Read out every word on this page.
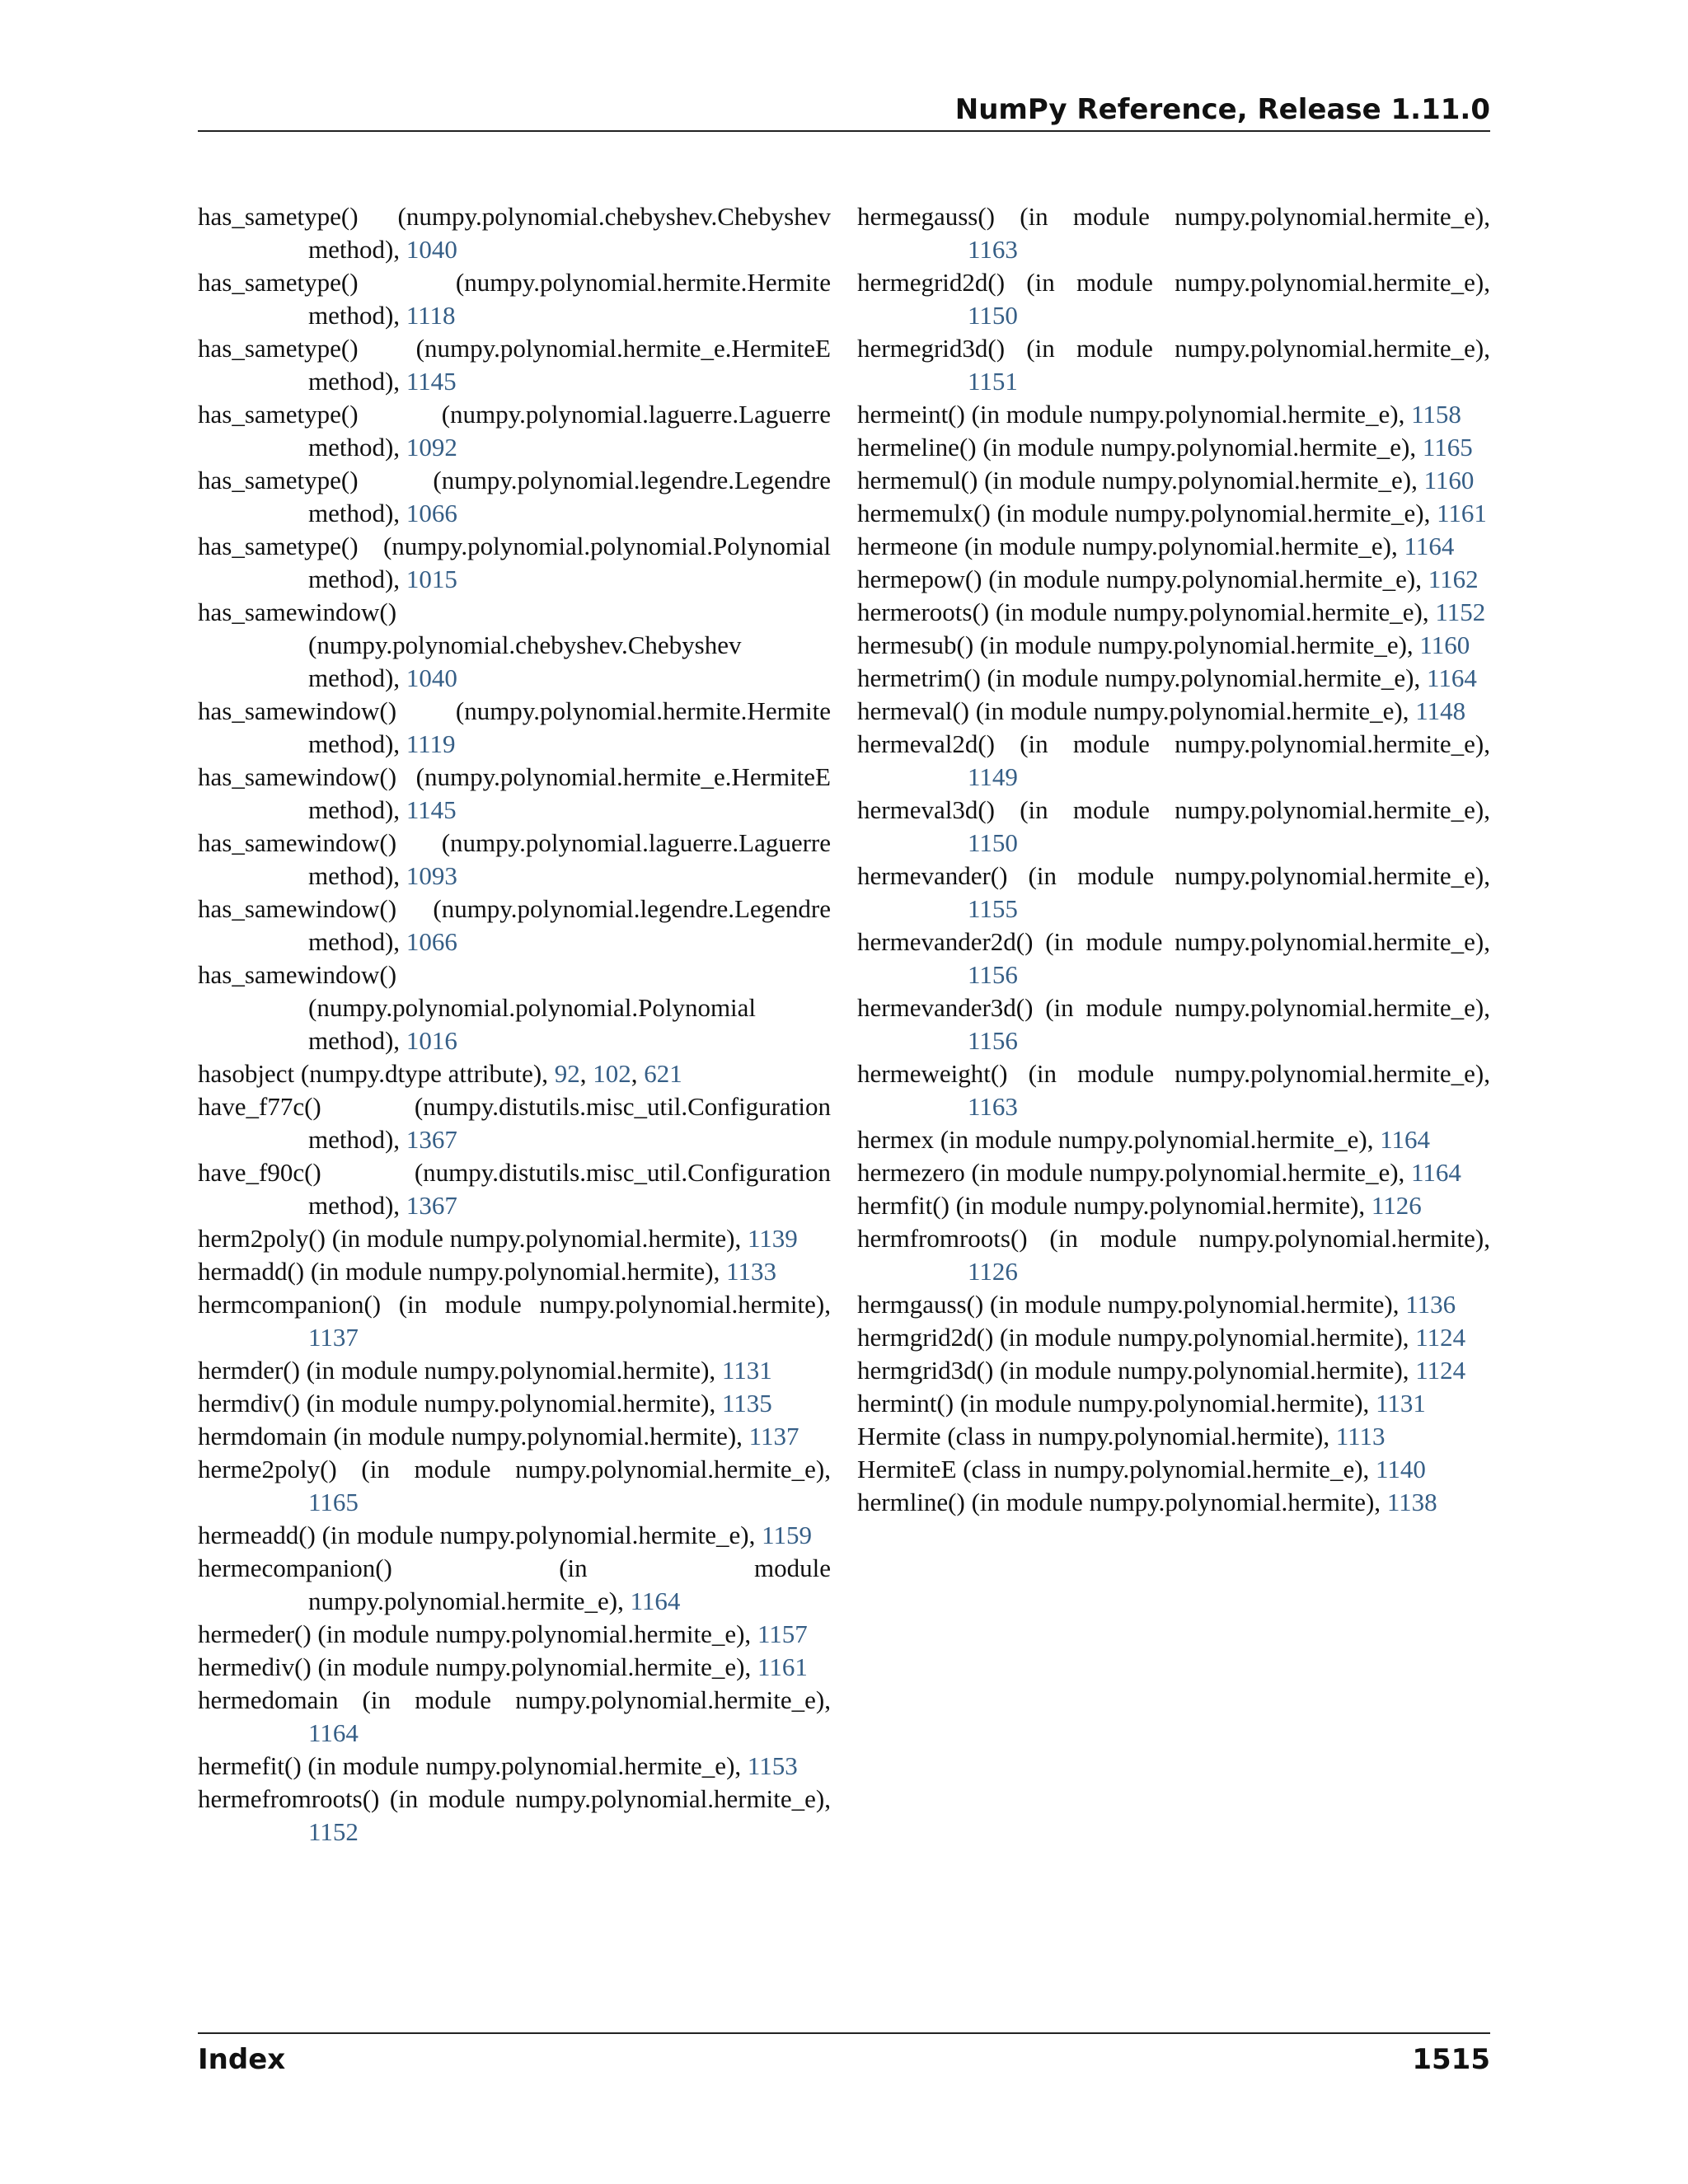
NumPy Reference, Release 1.11.0
has_sametype() (numpy.polynomial.chebyshev.Chebyshev method), 1040
has_sametype() (numpy.polynomial.hermite.Hermite method), 1118
has_sametype() (numpy.polynomial.hermite_e.HermiteE method), 1145
has_sametype() (numpy.polynomial.laguerre.Laguerre method), 1092
has_sametype() (numpy.polynomial.legendre.Legendre method), 1066
has_sametype() (numpy.polynomial.polynomial.Polynomial method), 1015
has_samewindow() (numpy.polynomial.chebyshev.Chebyshev method), 1040
has_samewindow() (numpy.polynomial.hermite.Hermite method), 1119
has_samewindow() (numpy.polynomial.hermite_e.HermiteE method), 1145
has_samewindow() (numpy.polynomial.laguerre.Laguerre method), 1093
has_samewindow() (numpy.polynomial.legendre.Legendre method), 1066
has_samewindow() (numpy.polynomial.polynomial.Polynomial method), 1016
hasobject (numpy.dtype attribute), 92, 102, 621
have_f77c() (numpy.distutils.misc_util.Configuration method), 1367
have_f90c() (numpy.distutils.misc_util.Configuration method), 1367
herm2poly() (in module numpy.polynomial.hermite), 1139
hermadd() (in module numpy.polynomial.hermite), 1133
hermcompanion() (in module numpy.polynomial.hermite), 1137
hermder() (in module numpy.polynomial.hermite), 1131
hermdiv() (in module numpy.polynomial.hermite), 1135
hermdomain (in module numpy.polynomial.hermite), 1137
herme2poly() (in module numpy.polynomial.hermite_e), 1165
hermeadd() (in module numpy.polynomial.hermite_e), 1159
hermecompanion() (in module numpy.polynomial.hermite_e), 1164
hermeder() (in module numpy.polynomial.hermite_e), 1157
hermediv() (in module numpy.polynomial.hermite_e), 1161
hermedomain (in module numpy.polynomial.hermite_e), 1164
hermefit() (in module numpy.polynomial.hermite_e), 1153
hermefromroots() (in module numpy.polynomial.hermite_e), 1152
hermegauss() (in module numpy.polynomial.hermite_e), 1163
hermegrid2d() (in module numpy.polynomial.hermite_e), 1150
hermegrid3d() (in module numpy.polynomial.hermite_e), 1151
hermeint() (in module numpy.polynomial.hermite_e), 1158
hermeline() (in module numpy.polynomial.hermite_e), 1165
hermemul() (in module numpy.polynomial.hermite_e), 1160
hermemulx() (in module numpy.polynomial.hermite_e), 1161
hermeone (in module numpy.polynomial.hermite_e), 1164
hermepow() (in module numpy.polynomial.hermite_e), 1162
hermeroots() (in module numpy.polynomial.hermite_e), 1152
hermesub() (in module numpy.polynomial.hermite_e), 1160
hermetrim() (in module numpy.polynomial.hermite_e), 1164
hermeval() (in module numpy.polynomial.hermite_e), 1148
hermeval2d() (in module numpy.polynomial.hermite_e), 1149
hermeval3d() (in module numpy.polynomial.hermite_e), 1150
hermevander() (in module numpy.polynomial.hermite_e), 1155
hermevander2d() (in module numpy.polynomial.hermite_e), 1156
hermevander3d() (in module numpy.polynomial.hermite_e), 1156
hermeweight() (in module numpy.polynomial.hermite_e), 1163
hermex (in module numpy.polynomial.hermite_e), 1164
hermezero (in module numpy.polynomial.hermite_e), 1164
hermfit() (in module numpy.polynomial.hermite), 1126
hermfromroots() (in module numpy.polynomial.hermite), 1126
hermgauss() (in module numpy.polynomial.hermite), 1136
hermgrid2d() (in module numpy.polynomial.hermite), 1124
hermgrid3d() (in module numpy.polynomial.hermite), 1124
hermint() (in module numpy.polynomial.hermite), 1131
Hermite (class in numpy.polynomial.hermite), 1113
HermiteE (class in numpy.polynomial.hermite_e), 1140
hermline() (in module numpy.polynomial.hermite), 1138
Index	1515
